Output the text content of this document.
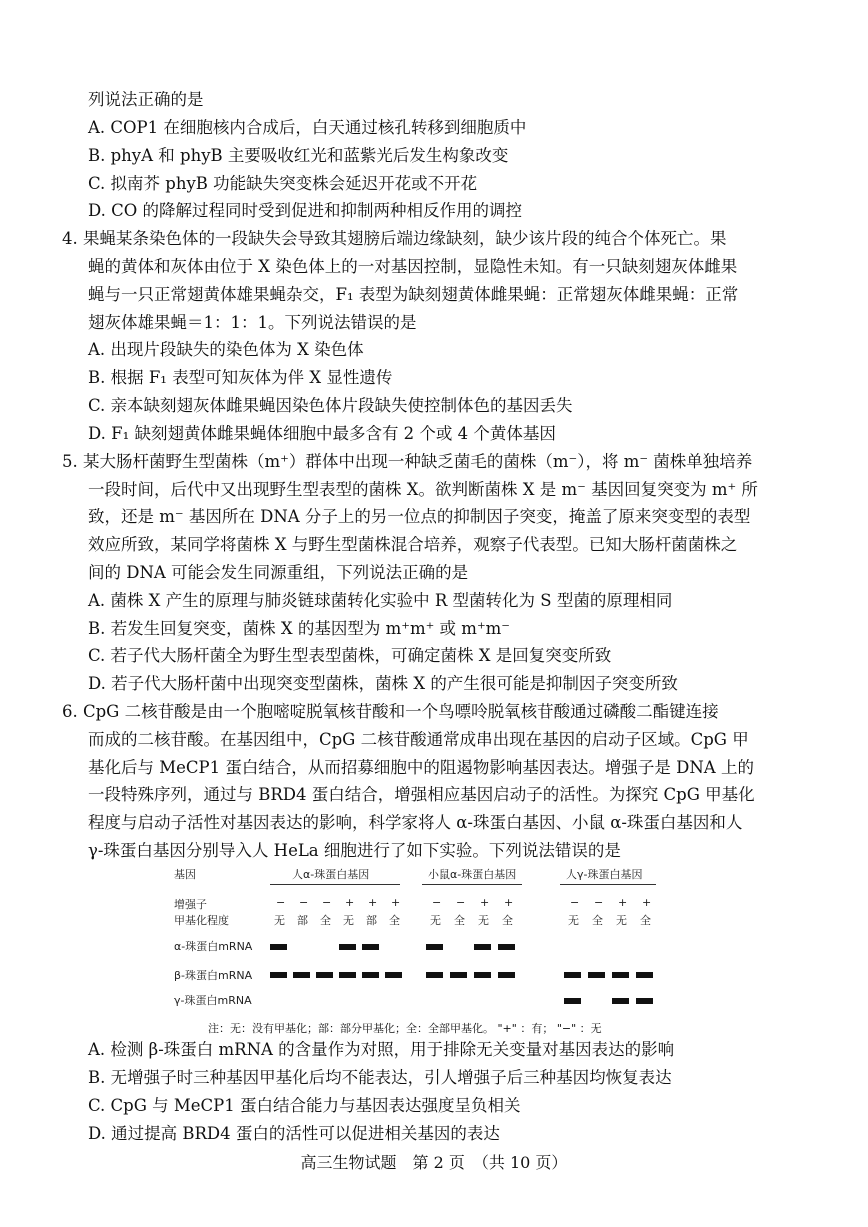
列说法正确的是
A. COP1 在细胞核内合成后，白天通过核孔转移到细胞质中
B. phyA 和 phyB 主要吸收红光和蓝紫光后发生构象改变
C. 拟南芥 phyB 功能缺失突变株会延迟开花或不开花
D. CO 的降解过程同时受到促进和抑制两种相反作用的调控
4. 果蝇某条染色体的一段缺失会导致其翅膀后端边缘缺刻，缺少该片段的纯合个体死亡。果
蝇的黄体和灰体由位于 X 染色体上的一对基因控制，显隐性未知。有一只缺刻翅灰体雌果
蝇与一只正常翅黄体雄果蝇杂交，F₁ 表型为缺刻翅黄体雌果蝇：正常翅灰体雌果蝇：正常
翅灰体雄果蝇＝1：1：1。下列说法错误的是
A. 出现片段缺失的染色体为 X 染色体
B. 根据 F₁ 表型可知灰体为伴 X 显性遗传
C. 亲本缺刻翅灰体雌果蝇因染色体片段缺失使控制体色的基因丢失
D. F₁ 缺刻翅黄体雌果蝇体细胞中最多含有 2 个或 4 个黄体基因
5. 某大肠杆菌野生型菌株（m⁺）群体中出现一种缺乏菌毛的菌株（m⁻），将 m⁻ 菌株单独培养
一段时间，后代中又出现野生型表型的菌株 X。欲判断菌株 X 是 m⁻ 基因回复突变为 m⁺ 所
致，还是 m⁻ 基因所在 DNA 分子上的另一位点的抑制因子突变，掩盖了原来突变型的表型
效应所致，某同学将菌株 X 与野生型菌株混合培养，观察子代表型。已知大肠杆菌菌株之
间的 DNA 可能会发生同源重组，下列说法正确的是
A. 菌株 X 产生的原理与肺炎链球菌转化实验中 R 型菌转化为 S 型菌的原理相同
B. 若发生回复突变，菌株 X 的基因型为 m⁺m⁺ 或 m⁺m⁻
C. 若子代大肠杆菌全为野生型表型菌株，可确定菌株 X 是回复突变所致
D. 若子代大肠杆菌中出现突变型菌株，菌株 X 的产生很可能是抑制因子突变所致
6. CpG 二核苷酸是由一个胞嘧啶脱氧核苷酸和一个鸟嘌呤脱氧核苷酸通过磷酸二酯键连接
而成的二核苷酸。在基因组中，CpG 二核苷酸通常成串出现在基因的启动子区域。CpG 甲
基化后与 MeCP1 蛋白结合，从而招募细胞中的阻遏物影响基因表达。增强子是 DNA 上的
一段特殊序列，通过与 BRD4 蛋白结合，增强相应基因启动子的活性。为探究 CpG 甲基化
程度与启动子活性对基因表达的影响，科学家将人 α-珠蛋白基因、小鼠 α-珠蛋白基因和人
γ-珠蛋白基因分别导入人 HeLa 细胞进行了如下实验。下列说法错误的是
基因
增强子
甲基化程度
α-珠蛋白mRNA
β-珠蛋白mRNA
γ-珠蛋白mRNA
人α-珠蛋白基因	小鼠α-珠蛋白基因	人γ-珠蛋白基因
− − − + + +
无 部 全 无 部 全
− − + +
无 全 无 全
− − + +
无 全 无 全
注：无：没有甲基化；部：部分甲基化；全：全部甲基化。 "+" ：有； "−" ：无
A. 检测 β-珠蛋白 mRNA 的含量作为对照，用于排除无关变量对基因表达的影响
B. 无增强子时三种基因甲基化后均不能表达，引人增强子后三种基因均恢复表达
C. CpG 与 MeCP1 蛋白结合能力与基因表达强度呈负相关
D. 通过提高 BRD4 蛋白的活性可以促进相关基因的表达
高三生物试题　第 2 页　（共 10 页）
